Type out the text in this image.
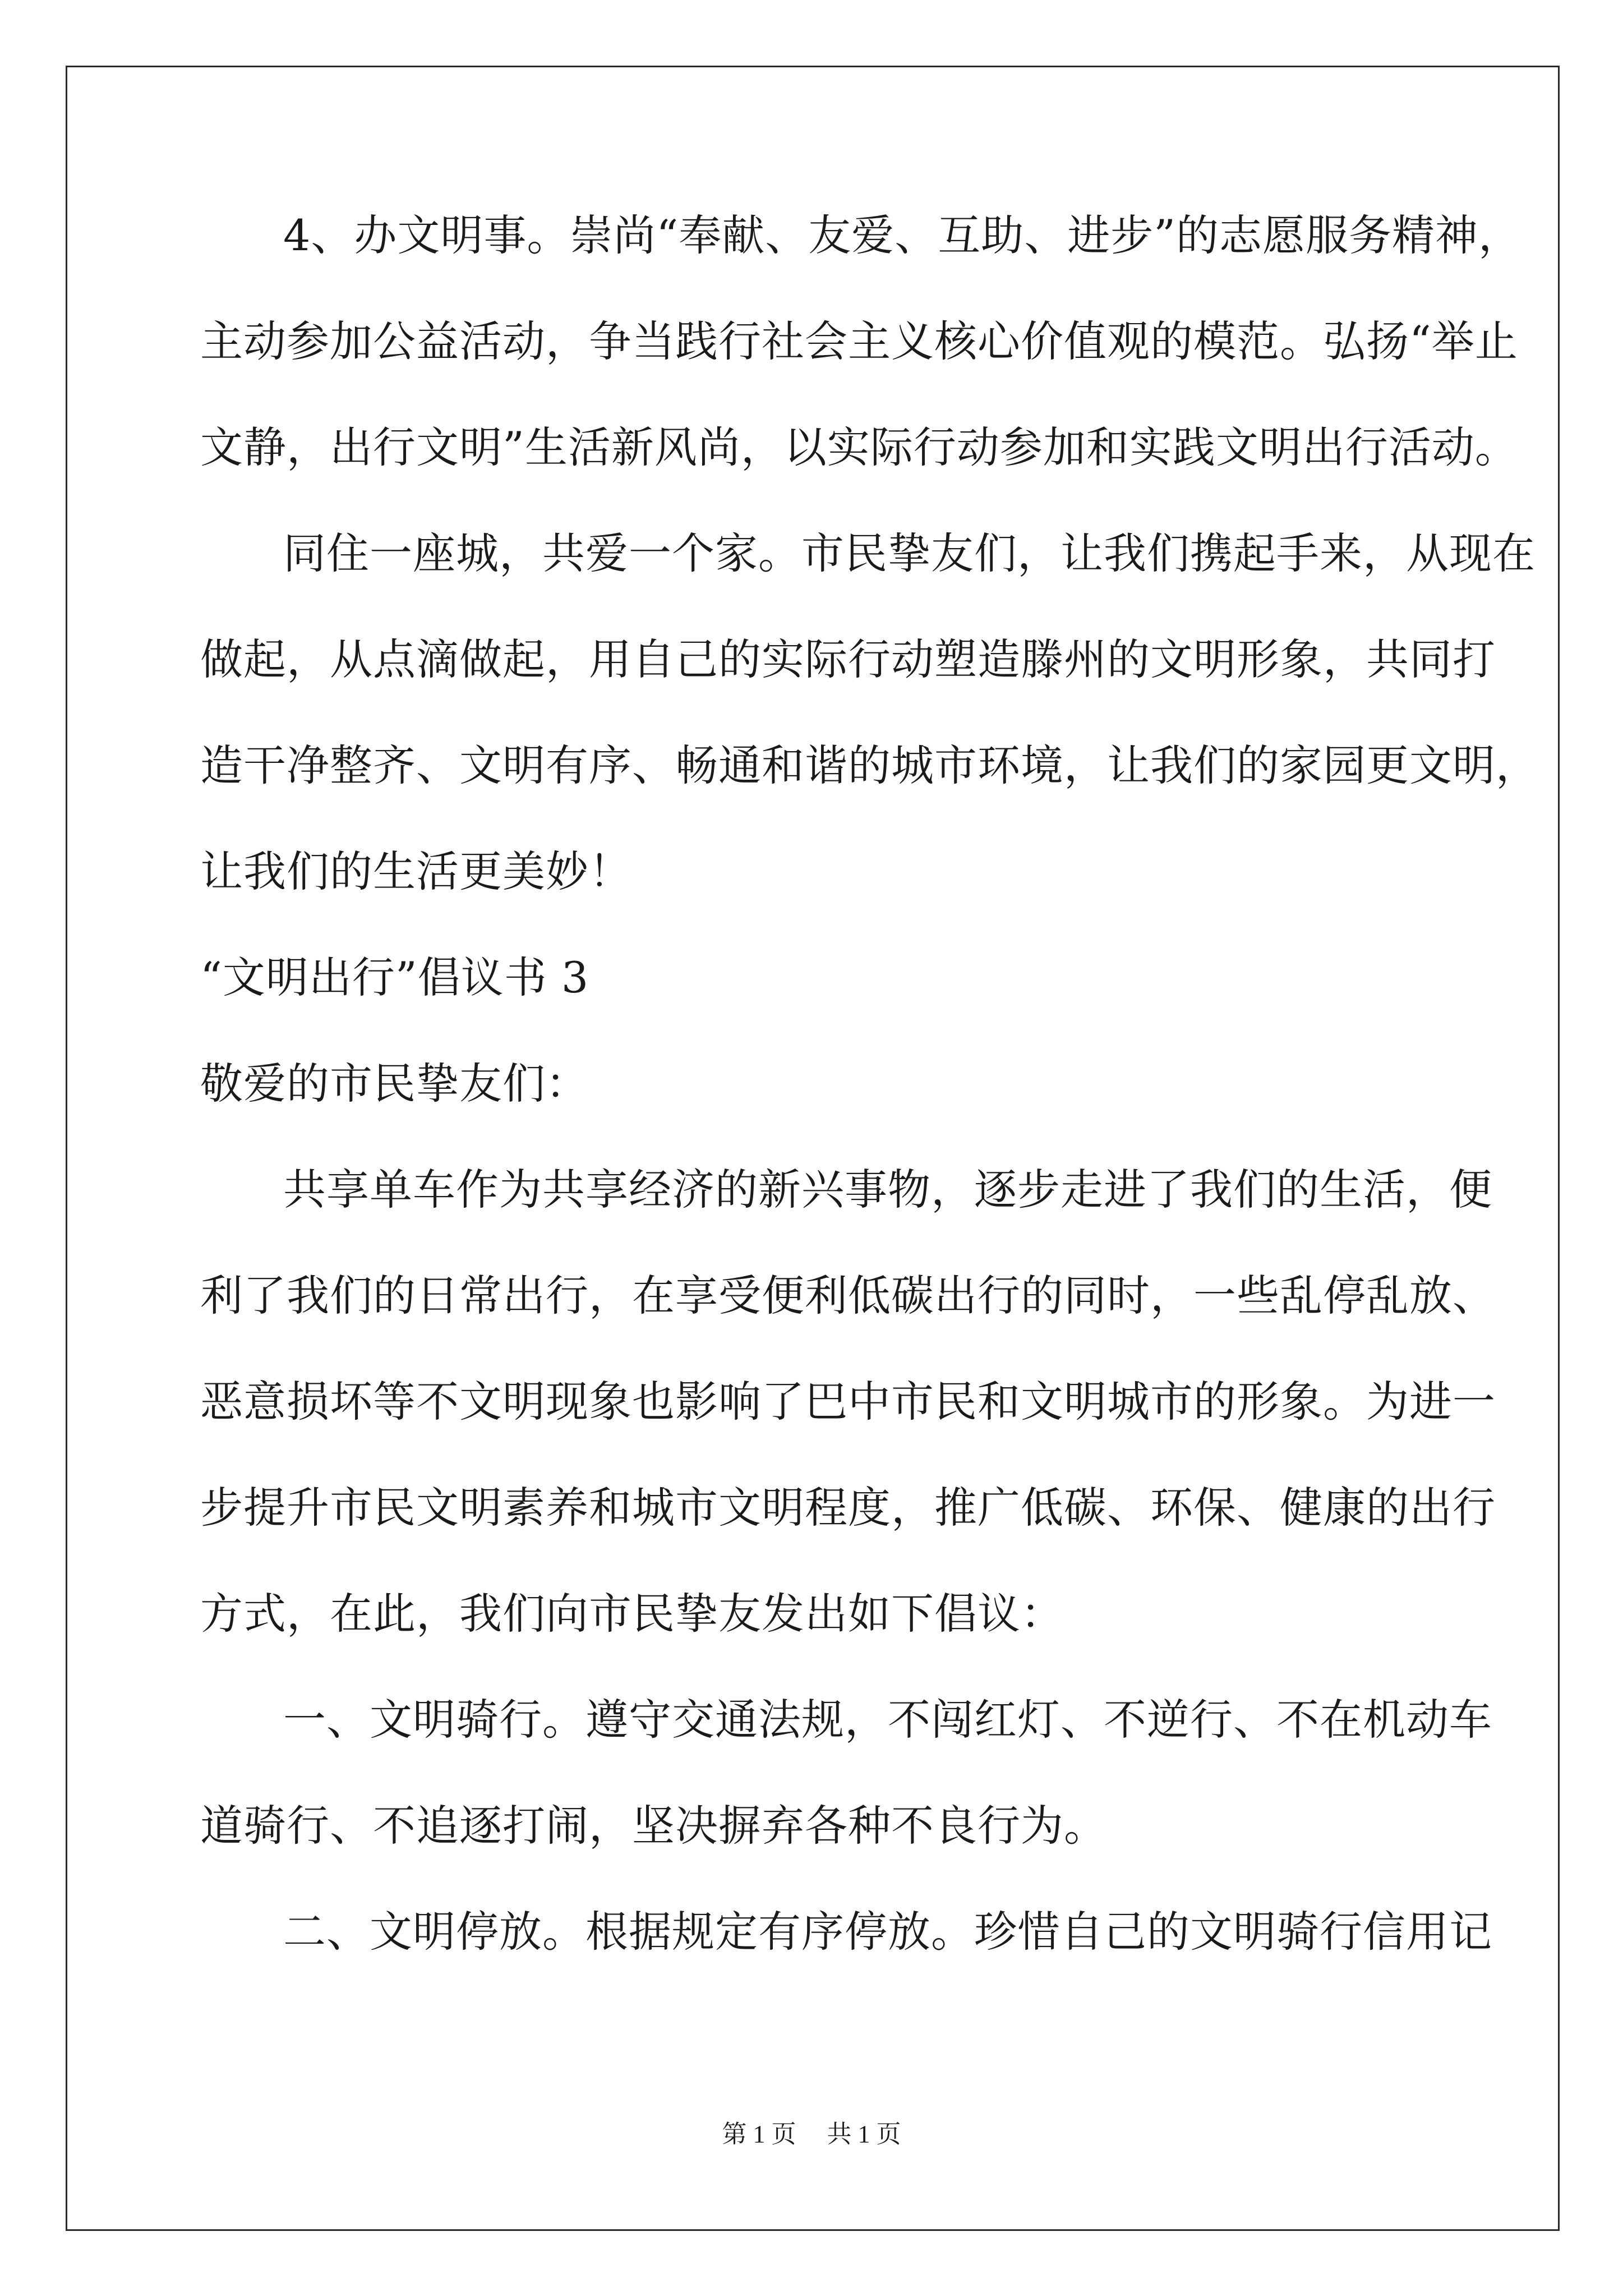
4、办文明事。崇尚“奉献、友爱、互助、进步”的志愿服务精神，
主动参加公益活动，争当践行社会主义核心价值观的模范。弘扬“举止
文静，出行文明”生活新风尚，以实际行动参加和实践文明出行活动。
同住一座城，共爱一个家。市民挚友们，让我们携起手来，从现在
做起，从点滴做起，用自己的实际行动塑造滕州的文明形象，共同打
造干净整齐、文明有序、畅通和谐的城市环境，让我们的家园更文明，
让我们的生活更美妙！
“文明出行”倡议书 3
敬爱的市民挚友们：
共享单车作为共享经济的新兴事物，逐步走进了我们的生活，便
利了我们的日常出行，在享受便利低碳出行的同时，一些乱停乱放、
恶意损坏等不文明现象也影响了巴中市民和文明城市的形象。为进一
步提升市民文明素养和城市文明程度，推广低碳、环保、健康的出行
方式，在此，我们向市民挚友发出如下倡议：
一、文明骑行。遵守交通法规，不闯红灯、不逆行、不在机动车
道骑行、不追逐打闹，坚决摒弃各种不良行为。
二、文明停放。根据规定有序停放。珍惜自己的文明骑行信用记
第 1 页 共 1 页
